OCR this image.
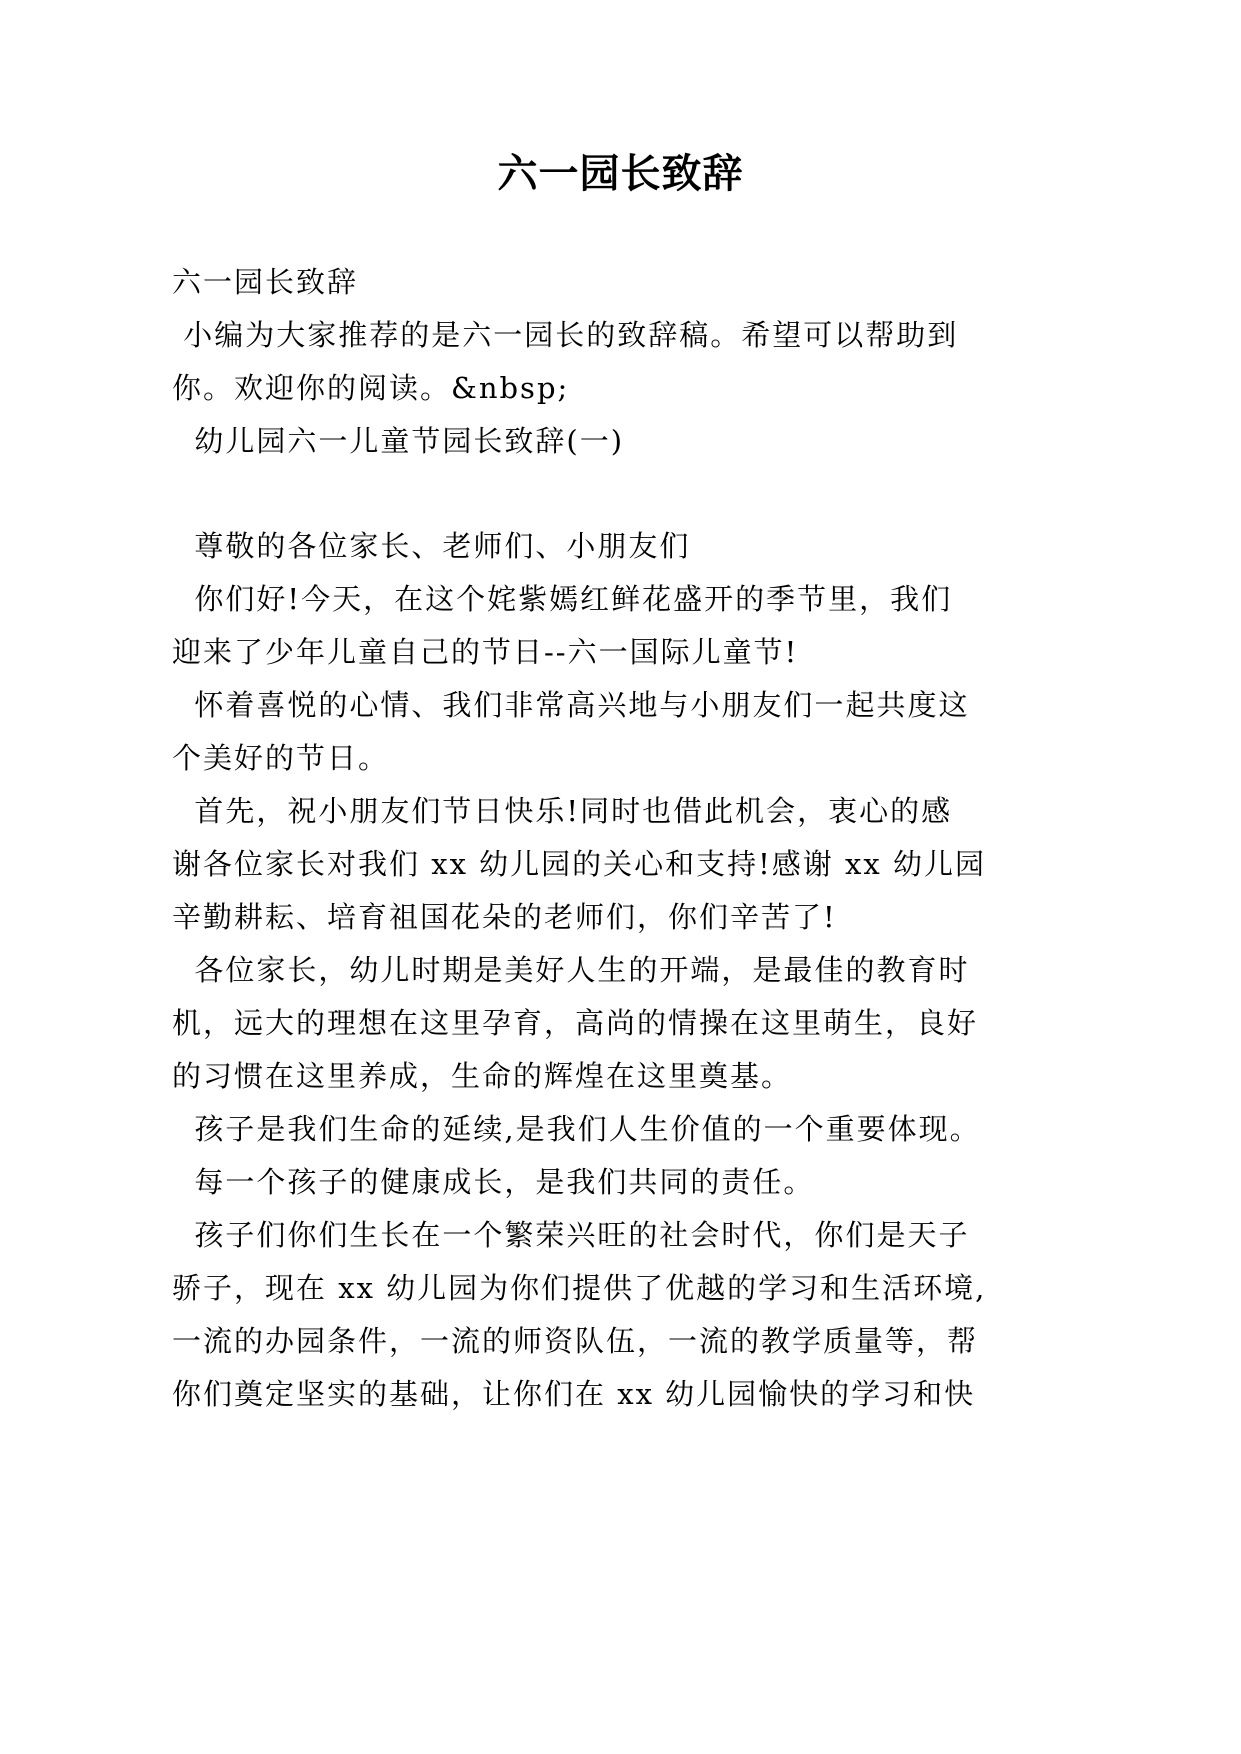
六一园长致辞
六一园长致辞
小编为大家推荐的是六一园长的致辞稿。希望可以帮助到
你。欢迎你的阅读。&nbsp;
幼儿园六一儿童节园长致辞(一)
尊敬的各位家长、老师们、小朋友们
你们好!今天，在这个姹紫嫣红鲜花盛开的季节里，我们
迎来了少年儿童自己的节日--六一国际儿童节!
怀着喜悦的心情、我们非常高兴地与小朋友们一起共度这
个美好的节日。
首先，祝小朋友们节日快乐!同时也借此机会，衷心的感
谢各位家长对我们 xx 幼儿园的关心和支持!感谢 xx 幼儿园
辛勤耕耘、培育祖国花朵的老师们，你们辛苦了!
各位家长，幼儿时期是美好人生的开端，是最佳的教育时
机，远大的理想在这里孕育，高尚的情操在这里萌生，良好
的习惯在这里养成，生命的辉煌在这里奠基。
孩子是我们生命的延续,是我们人生价值的一个重要体现。
每一个孩子的健康成长，是我们共同的责任。
孩子们你们生长在一个繁荣兴旺的社会时代，你们是天子
骄子，现在 xx 幼儿园为你们提供了优越的学习和生活环境,
一流的办园条件，一流的师资队伍，一流的教学质量等，帮
你们奠定坚实的基础，让你们在 xx 幼儿园愉快的学习和快
